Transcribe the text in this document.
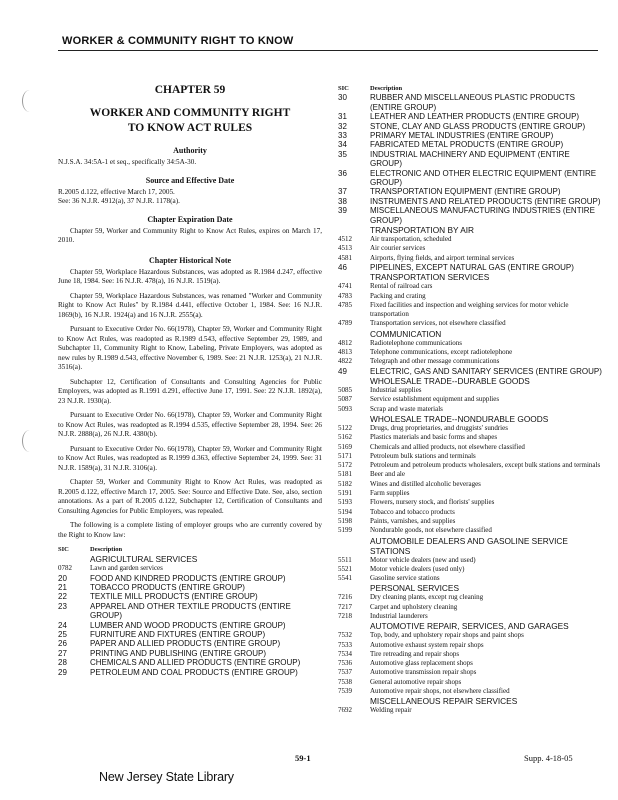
WORKER & COMMUNITY RIGHT TO KNOW
CHAPTER 59
WORKER AND COMMUNITY RIGHT
TO KNOW ACT RULES
Authority
N.J.S.A. 34:5A-1 et seq., specifically 34:5A-30.
Source and Effective Date
R.2005 d.122, effective March 17, 2005.
See: 36 N.J.R. 4912(a), 37 N.J.R. 1178(a).
Chapter Expiration Date
Chapter 59, Worker and Community Right to Know Act Rules, expires on March 17, 2010.
Chapter Historical Note
Chapter 59, Workplace Hazardous Substances, was adopted as R.1984 d.247, effective June 18, 1984. See: 16 N.J.R. 478(a), 16 N.J.R. 1519(a).
Chapter 59, Workplace Hazardous Substances, was renamed "Worker and Community Right to Know Act Rules" by R.1984 d.441, effective October 1, 1984. See: 16 N.J.R. 1869(b), 16 N.J.R. 1924(a) and 16 N.J.R. 2555(a).
Pursuant to Executive Order No. 66(1978), Chapter 59, Worker and Community Right to Know Act Rules, was readopted as R.1989 d.543, effective September 29, 1989, and Subchapter 11, Community Right to Know, Labeling, Private Employers, was adopted as new rules by R.1989 d.543, effective November 6, 1989. See: 21 N.J.R. 1253(a), 21 N.J.R. 3516(a).
Subchapter 12, Certification of Consultants and Consulting Agencies for Public Employers, was adopted as R.1991 d.291, effective June 17, 1991. See: 22 N.J.R. 1892(a), 23 N.J.R. 1930(a).
Pursuant to Executive Order No. 66(1978), Chapter 59, Worker and Community Right to Know Act Rules, was readopted as R.1994 d.535, effective September 28, 1994. See: 26 N.J.R. 2888(a), 26 N.J.R. 4380(b).
Pursuant to Executive Order No. 66(1978), Chapter 59, Worker and Community Right to Know Act Rules, was readopted as R.1999 d.363, effective September 24, 1999. See: 31 N.J.R. 1589(a), 31 N.J.R. 3106(a).
Chapter 59, Worker and Community Right to Know Act Rules, was readopted as R.2005 d.122, effective March 17, 2005. See: Source and Effective Date. See, also, section annotations. As a part of R.2005 d.122, Subchapter 12, Certification of Consultants and Consulting Agencies for Public Employers, was repealed.
The following is a complete listing of employer groups who are currently covered by the Right to Know law:
SIC	Description
AGRICULTURAL SERVICES
0782	Lawn and garden services
20	FOOD AND KINDRED PRODUCTS (ENTIRE GROUP)
21	TOBACCO PRODUCTS (ENTIRE GROUP)
22	TEXTILE MILL PRODUCTS (ENTIRE GROUP)
23	APPAREL AND OTHER TEXTILE PRODUCTS (ENTIRE GROUP)
24	LUMBER AND WOOD PRODUCTS (ENTIRE GROUP)
25	FURNITURE AND FIXTURES (ENTIRE GROUP)
26	PAPER AND ALLIED PRODUCTS (ENTIRE GROUP)
27	PRINTING AND PUBLISHING (ENTIRE GROUP)
28	CHEMICALS AND ALLIED PRODUCTS (ENTIRE GROUP)
29	PETROLEUM AND COAL PRODUCTS (ENTIRE GROUP)
SIC	Description
30	RUBBER AND MISCELLANEOUS PLASTIC PRODUCTS (ENTIRE GROUP)
31	LEATHER AND LEATHER PRODUCTS (ENTIRE GROUP)
32	STONE, CLAY AND GLASS PRODUCTS (ENTIRE GROUP)
33	PRIMARY METAL INDUSTRIES (ENTIRE GROUP)
34	FABRICATED METAL PRODUCTS (ENTIRE GROUP)
35	INDUSTRIAL MACHINERY AND EQUIPMENT (ENTIRE GROUP)
36	ELECTRONIC AND OTHER ELECTRIC EQUIPMENT (ENTIRE GROUP)
37	TRANSPORTATION EQUIPMENT (ENTIRE GROUP)
38	INSTRUMENTS AND RELATED PRODUCTS (ENTIRE GROUP)
39	MISCELLANEOUS MANUFACTURING INDUSTRIES (ENTIRE GROUP)
TRANSPORTATION BY AIR
4512	Air transportation, scheduled
4513	Air courier services
4581	Airports, flying fields, and airport terminal services
46	PIPELINES, EXCEPT NATURAL GAS (ENTIRE GROUP)
TRANSPORTATION SERVICES
4741	Rental of railroad cars
4783	Packing and crating
4785	Fixed facilities and inspection and weighing services for motor vehicle transportation
4789	Transportation services, not elsewhere classified
COMMUNICATION
4812	Radiotelephone communications
4813	Telephone communications, except radiotelephone
4822	Telegraph and other message communications
49	ELECTRIC, GAS AND SANITARY SERVICES (ENTIRE GROUP)
WHOLESALE TRADE--DURABLE GOODS
5085	Industrial supplies
5087	Service establishment equipment and supplies
5093	Scrap and waste materials
WHOLESALE TRADE--NONDURABLE GOODS
5122	Drugs, drug proprietaries, and druggists' sundries
5162	Plastics materials and basic forms and shapes
5169	Chemicals and allied products, not elsewhere classified
5171	Petroleum bulk stations and terminals
5172	Petroleum and petroleum products wholesalers, except bulk stations and terminals
5181	Beer and ale
5182	Wines and distilled alcoholic beverages
5191	Farm supplies
5193	Flowers, nursery stock, and florists' supplies
5194	Tobacco and tobacco products
5198	Paints, varnishes, and supplies
5199	Nondurable goods, not elsewhere classified
AUTOMOBILE DEALERS AND GASOLINE SERVICE STATIONS
5511	Motor vehicle dealers (new and used)
5521	Motor vehicle dealers (used only)
5541	Gasoline service stations
PERSONAL SERVICES
7216	Dry cleaning plants, except rug cleaning
7217	Carpet and upholstery cleaning
7218	Industrial launderers
AUTOMOTIVE REPAIR, SERVICES, AND GARAGES
7532	Top, body, and upholstery repair shops and paint shops
7533	Automotive exhaust system repair shops
7534	Tire retreading and repair shops
7536	Automotive glass replacement shops
7537	Automotive transmission repair shops
7538	General automotive repair shops
7539	Automotive repair shops, not elsewhere classified
MISCELLANEOUS REPAIR SERVICES
7692	Welding repair
59-1	Supp. 4-18-05
New Jersey State Library
